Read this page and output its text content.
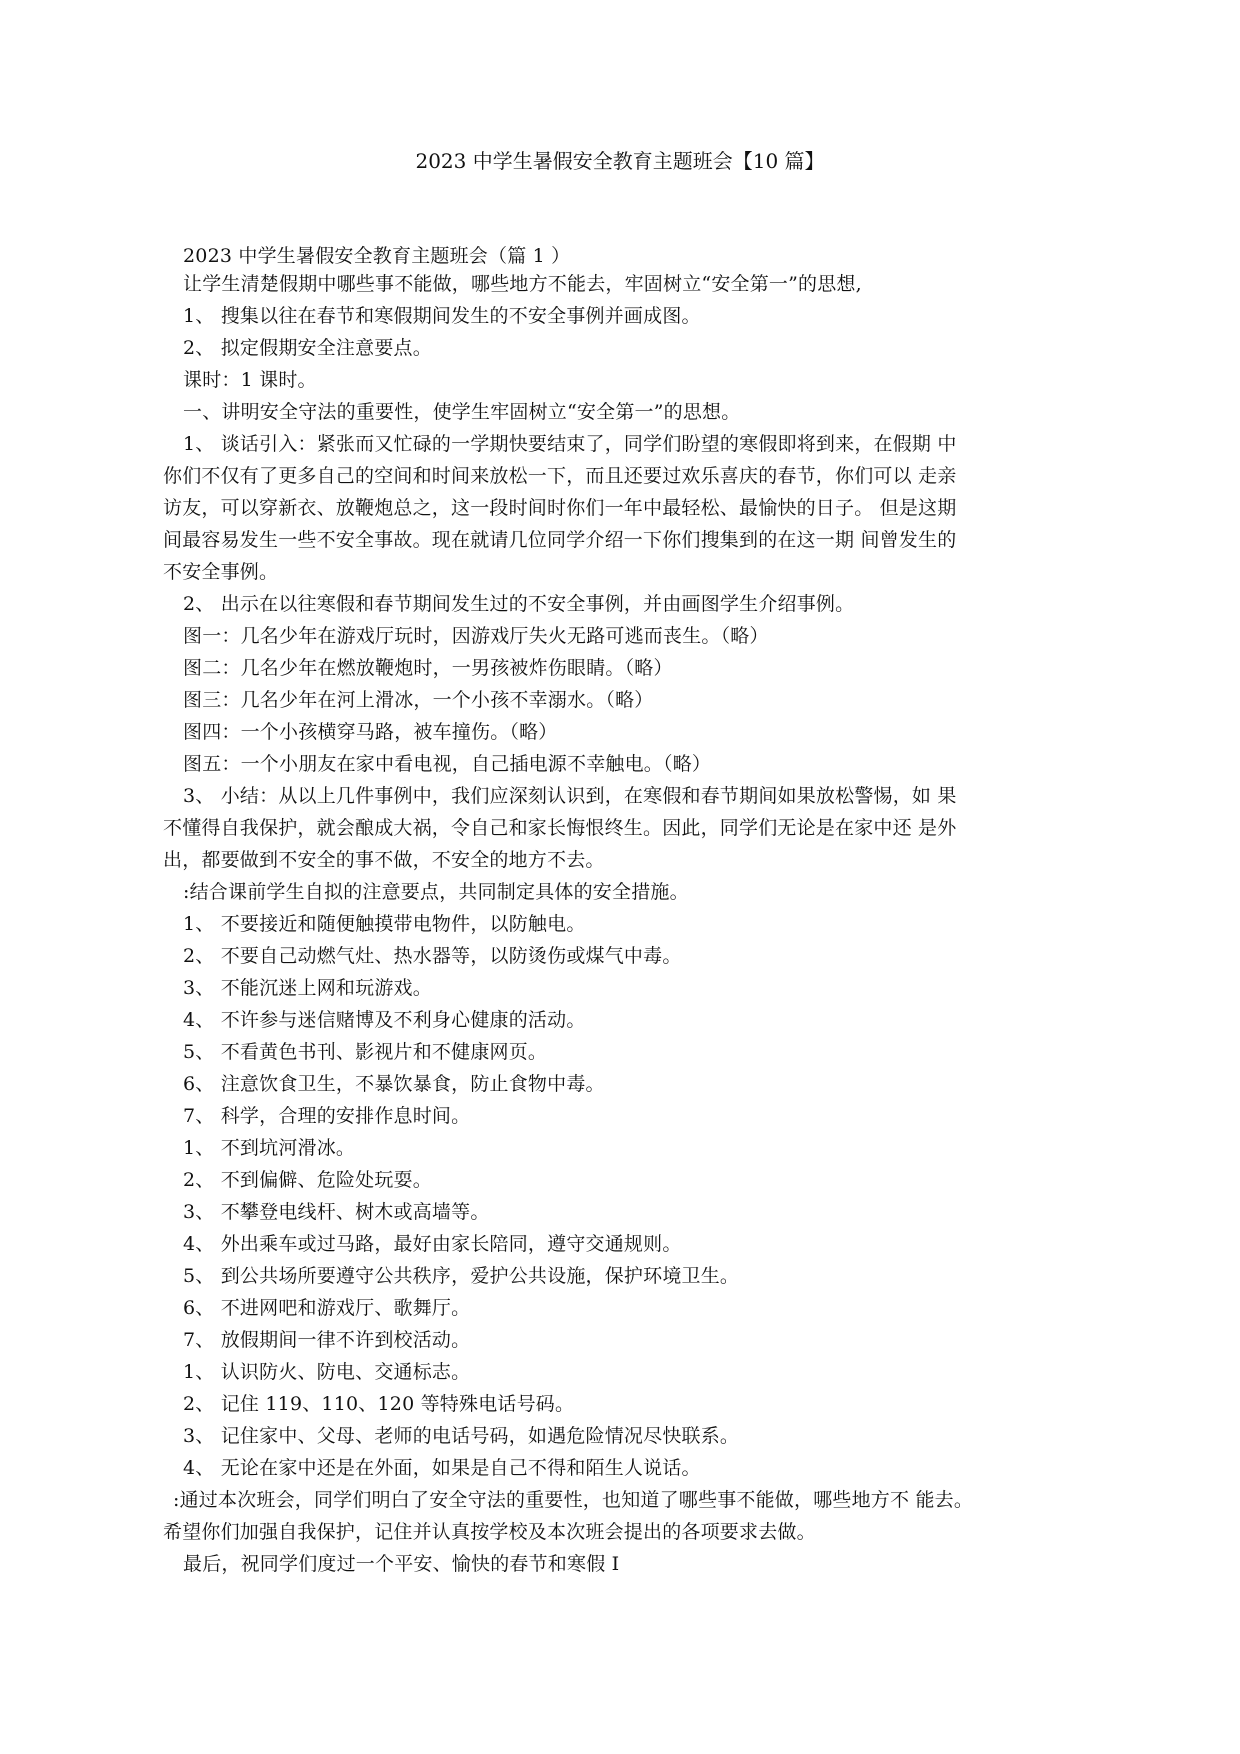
2023 中学生暑假安全教育主题班会【10 篇】
2023 中学生暑假安全教育主题班会（篇 1 ）
让学生清楚假期中哪些事不能做，哪些地方不能去，牢固树立“安全第一”的思想,
1、 搜集以往在春节和寒假期间发生的不安全事例并画成图。
2、 拟定假期安全注意要点。
课时：1 课时。
一、讲明安全守法的重要性，使学生牢固树立“安全第一”的思想。
1、 谈话引入：紧张而又忙碌的一学期快要结束了，同学们盼望的寒假即将到来，在假期 中
你们不仅有了更多自己的空间和时间来放松一下，而且还要过欢乐喜庆的春节，你们可以 走亲
访友，可以穿新衣、放鞭炮总之，这一段时间时你们一年中最轻松、最愉快的日子。 但是这期
间最容易发生一些不安全事故。现在就请几位同学介绍一下你们搜集到的在这一期 间曾发生的
不安全事例。
2、 出示在以往寒假和春节期间发生过的不安全事例，并由画图学生介绍事例。
图一：几名少年在游戏厅玩时，因游戏厅失火无路可逃而丧生。（略）
图二：几名少年在燃放鞭炮时，一男孩被炸伤眼睛。（略）
图三：几名少年在河上滑冰，一个小孩不幸溺水。（略）
图四：一个小孩横穿马路，被车撞伤。（略）
图五：一个小朋友在家中看电视，自己插电源不幸触电。（略）
3、 小结：从以上几件事例中，我们应深刻认识到，在寒假和春节期间如果放松警惕，如 果
不懂得自我保护，就会酿成大祸，令自己和家长悔恨终生。因此，同学们无论是在家中还 是外
出，都要做到不安全的事不做，不安全的地方不去。
:结合课前学生自拟的注意要点，共同制定具体的安全措施。
1、 不要接近和随便触摸带电物件，以防触电。
2、 不要自己动燃气灶、热水器等，以防烫伤或煤气中毒。
3、 不能沉迷上网和玩游戏。
4、 不许参与迷信赌博及不利身心健康的活动。
5、 不看黄色书刊、影视片和不健康网页。
6、 注意饮食卫生，不暴饮暴食，防止食物中毒。
7、 科学，合理的安排作息时间。
1、 不到坑河滑冰。
2、 不到偏僻、危险处玩耍。
3、 不攀登电线杆、树木或高墙等。
4、 外出乘车或过马路，最好由家长陪同，遵守交通规则。
5、 到公共场所要遵守公共秩序，爱护公共设施，保护环境卫生。
6、 不进网吧和游戏厅、歌舞厅。
7、 放假期间一律不许到校活动。
1、 认识防火、防电、交通标志。
2、 记住 119、110、120 等特殊电话号码。
3、 记住家中、父母、老师的电话号码，如遇危险情况尽快联系。
4、 无论在家中还是在外面，如果是自己不得和陌生人说话。
:通过本次班会，同学们明白了安全守法的重要性，也知道了哪些事不能做，哪些地方不 能去。
希望你们加强自我保护，记住并认真按学校及本次班会提出的各项要求去做。
最后，祝同学们度过一个平安、愉快的春节和寒假 I
